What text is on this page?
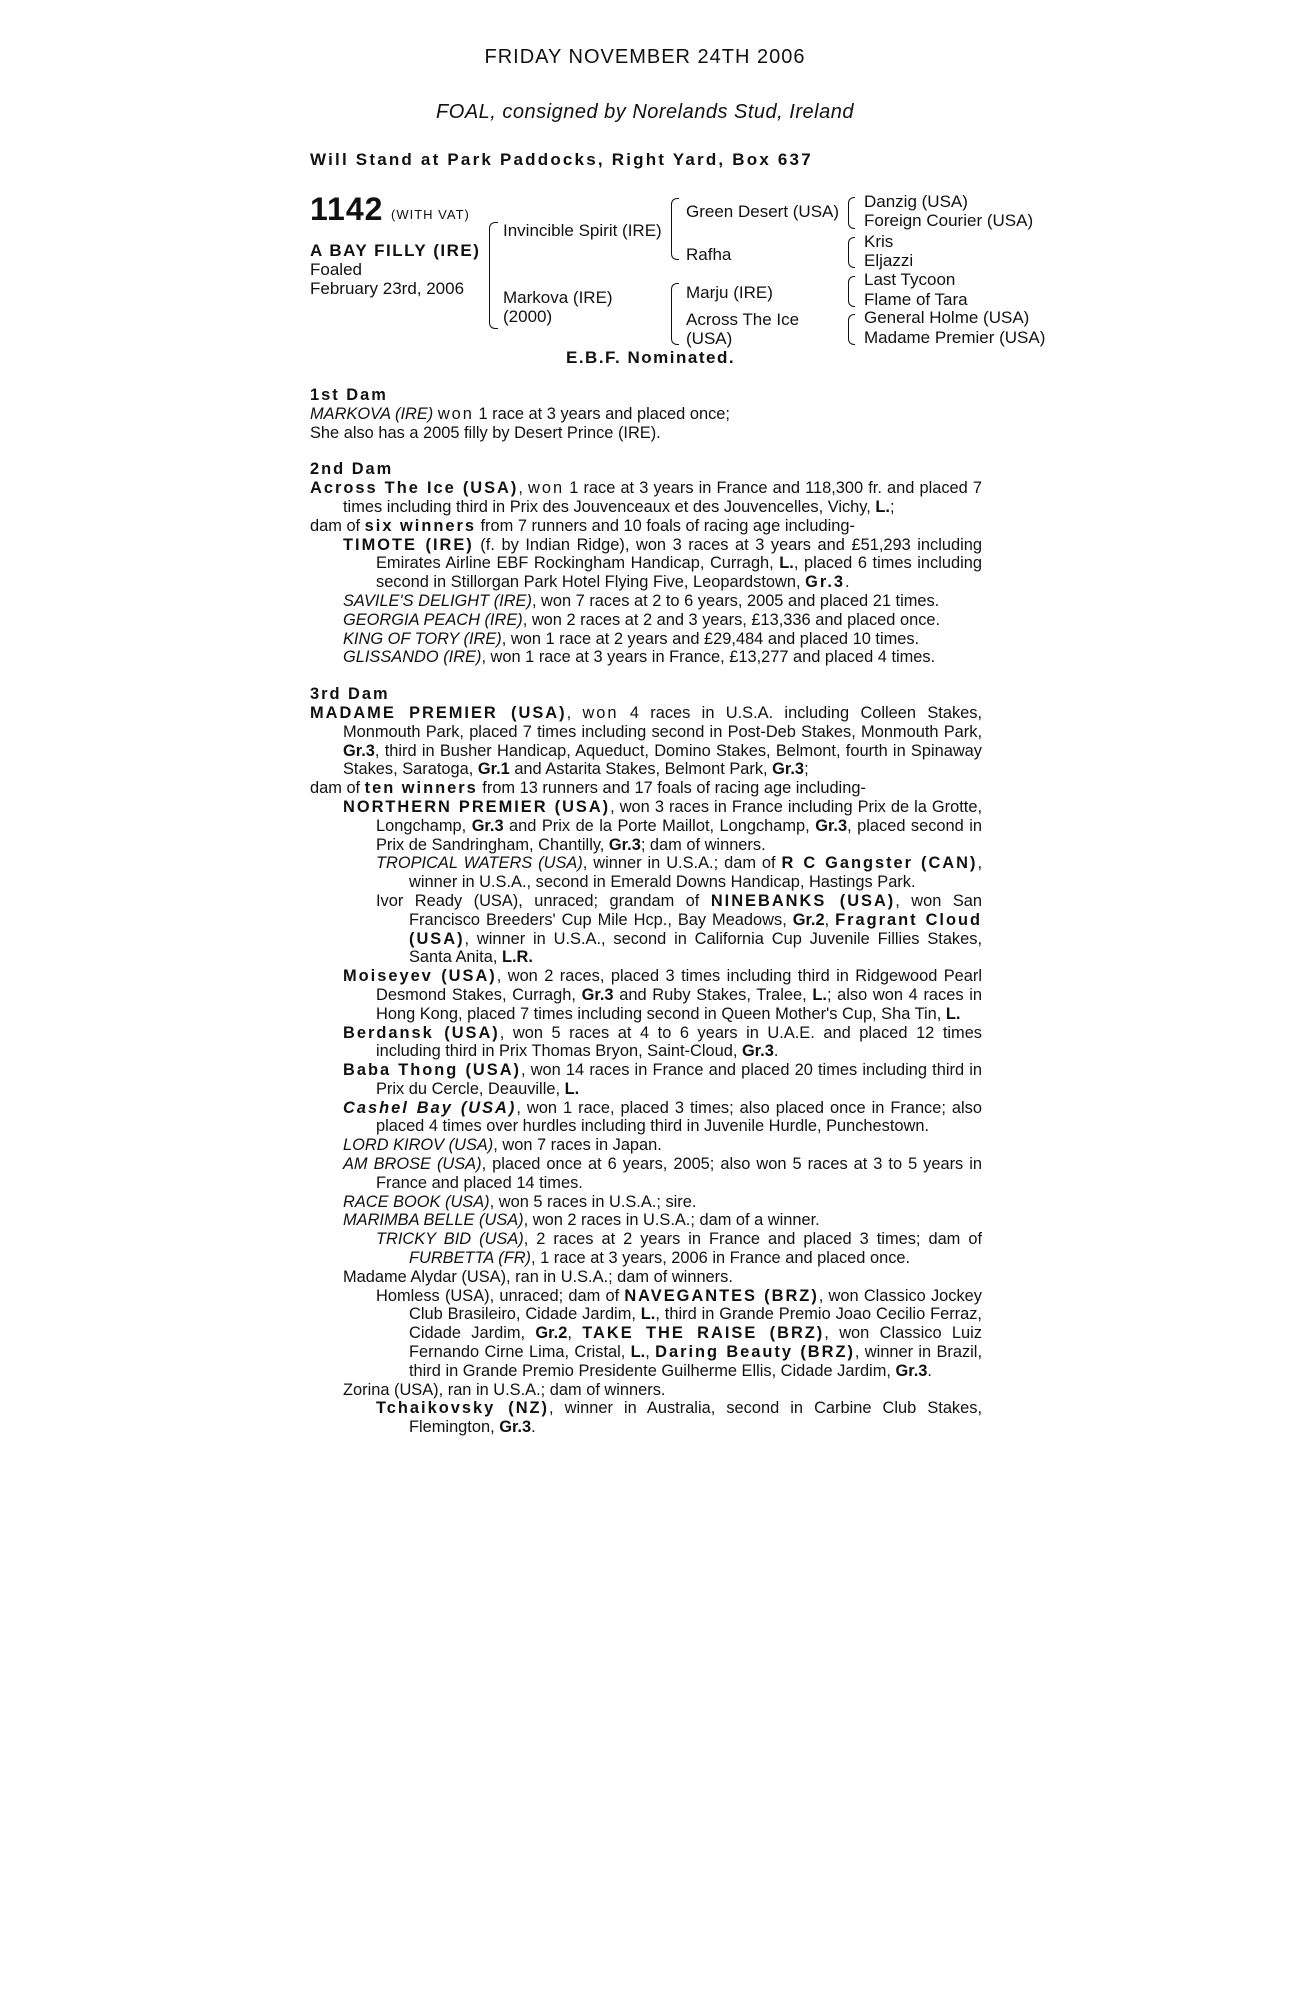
FRIDAY NOVEMBER 24TH 2006
FOAL, consigned by Norelands Stud, Ireland
Will Stand at Park Paddocks, Right Yard, Box 637
1142 (WITH VAT)
A BAY FILLY (IRE)
Foaled
February 23rd, 2006
Invincible Spirit (IRE)
Markova (IRE)
(2000)
Green Desert (USA)
Rafha
Marju (IRE)
Across The Ice
(USA)
Danzig (USA)
Foreign Courier (USA)
Kris
Eljazzi
Last Tycoon
Flame of Tara
General Holme (USA)
Madame Premier (USA)
E.B.F. Nominated.

1st Dam

MARKOVA (IRE) won 1 race at 3 years and placed once;

She also has a 2005 filly by Desert Prince (IRE).

2nd Dam

Across The Ice (USA), won 1 race at 3 years in France and 118,300 fr. and placed 7 times including third in Prix des Jouvenceaux et des Jouvencelles, Vichy, L.;

dam of six winners from 7 runners and 10 foals of racing age including-

TIMOTE (IRE) (f. by Indian Ridge), won 3 races at 3 years and £51,293 including Emirates Airline EBF Rockingham Handicap, Curragh, L., placed 6 times including second in Stillorgan Park Hotel Flying Five, Leopardstown, Gr.3.

SAVILE'S DELIGHT (IRE), won 7 races at 2 to 6 years, 2005 and placed 21 times.

GEORGIA PEACH (IRE), won 2 races at 2 and 3 years, £13,336 and placed once.

KING OF TORY (IRE), won 1 race at 2 years and £29,484 and placed 10 times.

GLISSANDO (IRE), won 1 race at 3 years in France, £13,277 and placed 4 times.

3rd Dam

MADAME PREMIER (USA), won 4 races in U.S.A. including Colleen Stakes, Monmouth Park, placed 7 times including second in Post-Deb Stakes, Monmouth Park, Gr.3, third in Busher Handicap, Aqueduct, Domino Stakes, Belmont, fourth in Spinaway Stakes, Saratoga, Gr.1 and Astarita Stakes, Belmont Park, Gr.3;

dam of ten winners from 13 runners and 17 foals of racing age including-

NORTHERN PREMIER (USA), won 3 races in France including Prix de la Grotte, Longchamp, Gr.3 and Prix de la Porte Maillot, Longchamp, Gr.3, placed second in Prix de Sandringham, Chantilly, Gr.3; dam of winners.

TROPICAL WATERS (USA), winner in U.S.A.; dam of R C Gangster (CAN), winner in U.S.A., second in Emerald Downs Handicap, Hastings Park.

Ivor Ready (USA), unraced; grandam of NINEBANKS (USA), won San Francisco Breeders' Cup Mile Hcp., Bay Meadows, Gr.2, Fragrant Cloud (USA), winner in U.S.A., second in California Cup Juvenile Fillies Stakes, Santa Anita, L.R.

Moiseyev (USA), won 2 races, placed 3 times including third in Ridgewood Pearl Desmond Stakes, Curragh, Gr.3 and Ruby Stakes, Tralee, L.; also won 4 races in Hong Kong, placed 7 times including second in Queen Mother's Cup, Sha Tin, L.

Berdansk (USA), won 5 races at 4 to 6 years in U.A.E. and placed 12 times including third in Prix Thomas Bryon, Saint-Cloud, Gr.3.

Baba Thong (USA), won 14 races in France and placed 20 times including third in Prix du Cercle, Deauville, L.

Cashel Bay (USA), won 1 race, placed 3 times; also placed once in France; also placed 4 times over hurdles including third in Juvenile Hurdle, Punchestown.

LORD KIROV (USA), won 7 races in Japan.

AM BROSE (USA), placed once at 6 years, 2005; also won 5 races at 3 to 5 years in France and placed 14 times.

RACE BOOK (USA), won 5 races in U.S.A.; sire.

MARIMBA BELLE (USA), won 2 races in U.S.A.; dam of a winner.

TRICKY BID (USA), 2 races at 2 years in France and placed 3 times; dam of FURBETTA (FR), 1 race at 3 years, 2006 in France and placed once.

Madame Alydar (USA), ran in U.S.A.; dam of winners.

Homless (USA), unraced; dam of NAVEGANTES (BRZ), won Classico Jockey Club Brasileiro, Cidade Jardim, L., third in Grande Premio Joao Cecilio Ferraz, Cidade Jardim, Gr.2, TAKE THE RAISE (BRZ), won Classico Luiz Fernando Cirne Lima, Cristal, L., Daring Beauty (BRZ), winner in Brazil, third in Grande Premio Presidente Guilherme Ellis, Cidade Jardim, Gr.3.

Zorina (USA), ran in U.S.A.; dam of winners.

Tchaikovsky (NZ), winner in Australia, second in Carbine Club Stakes, Flemington, Gr.3.
